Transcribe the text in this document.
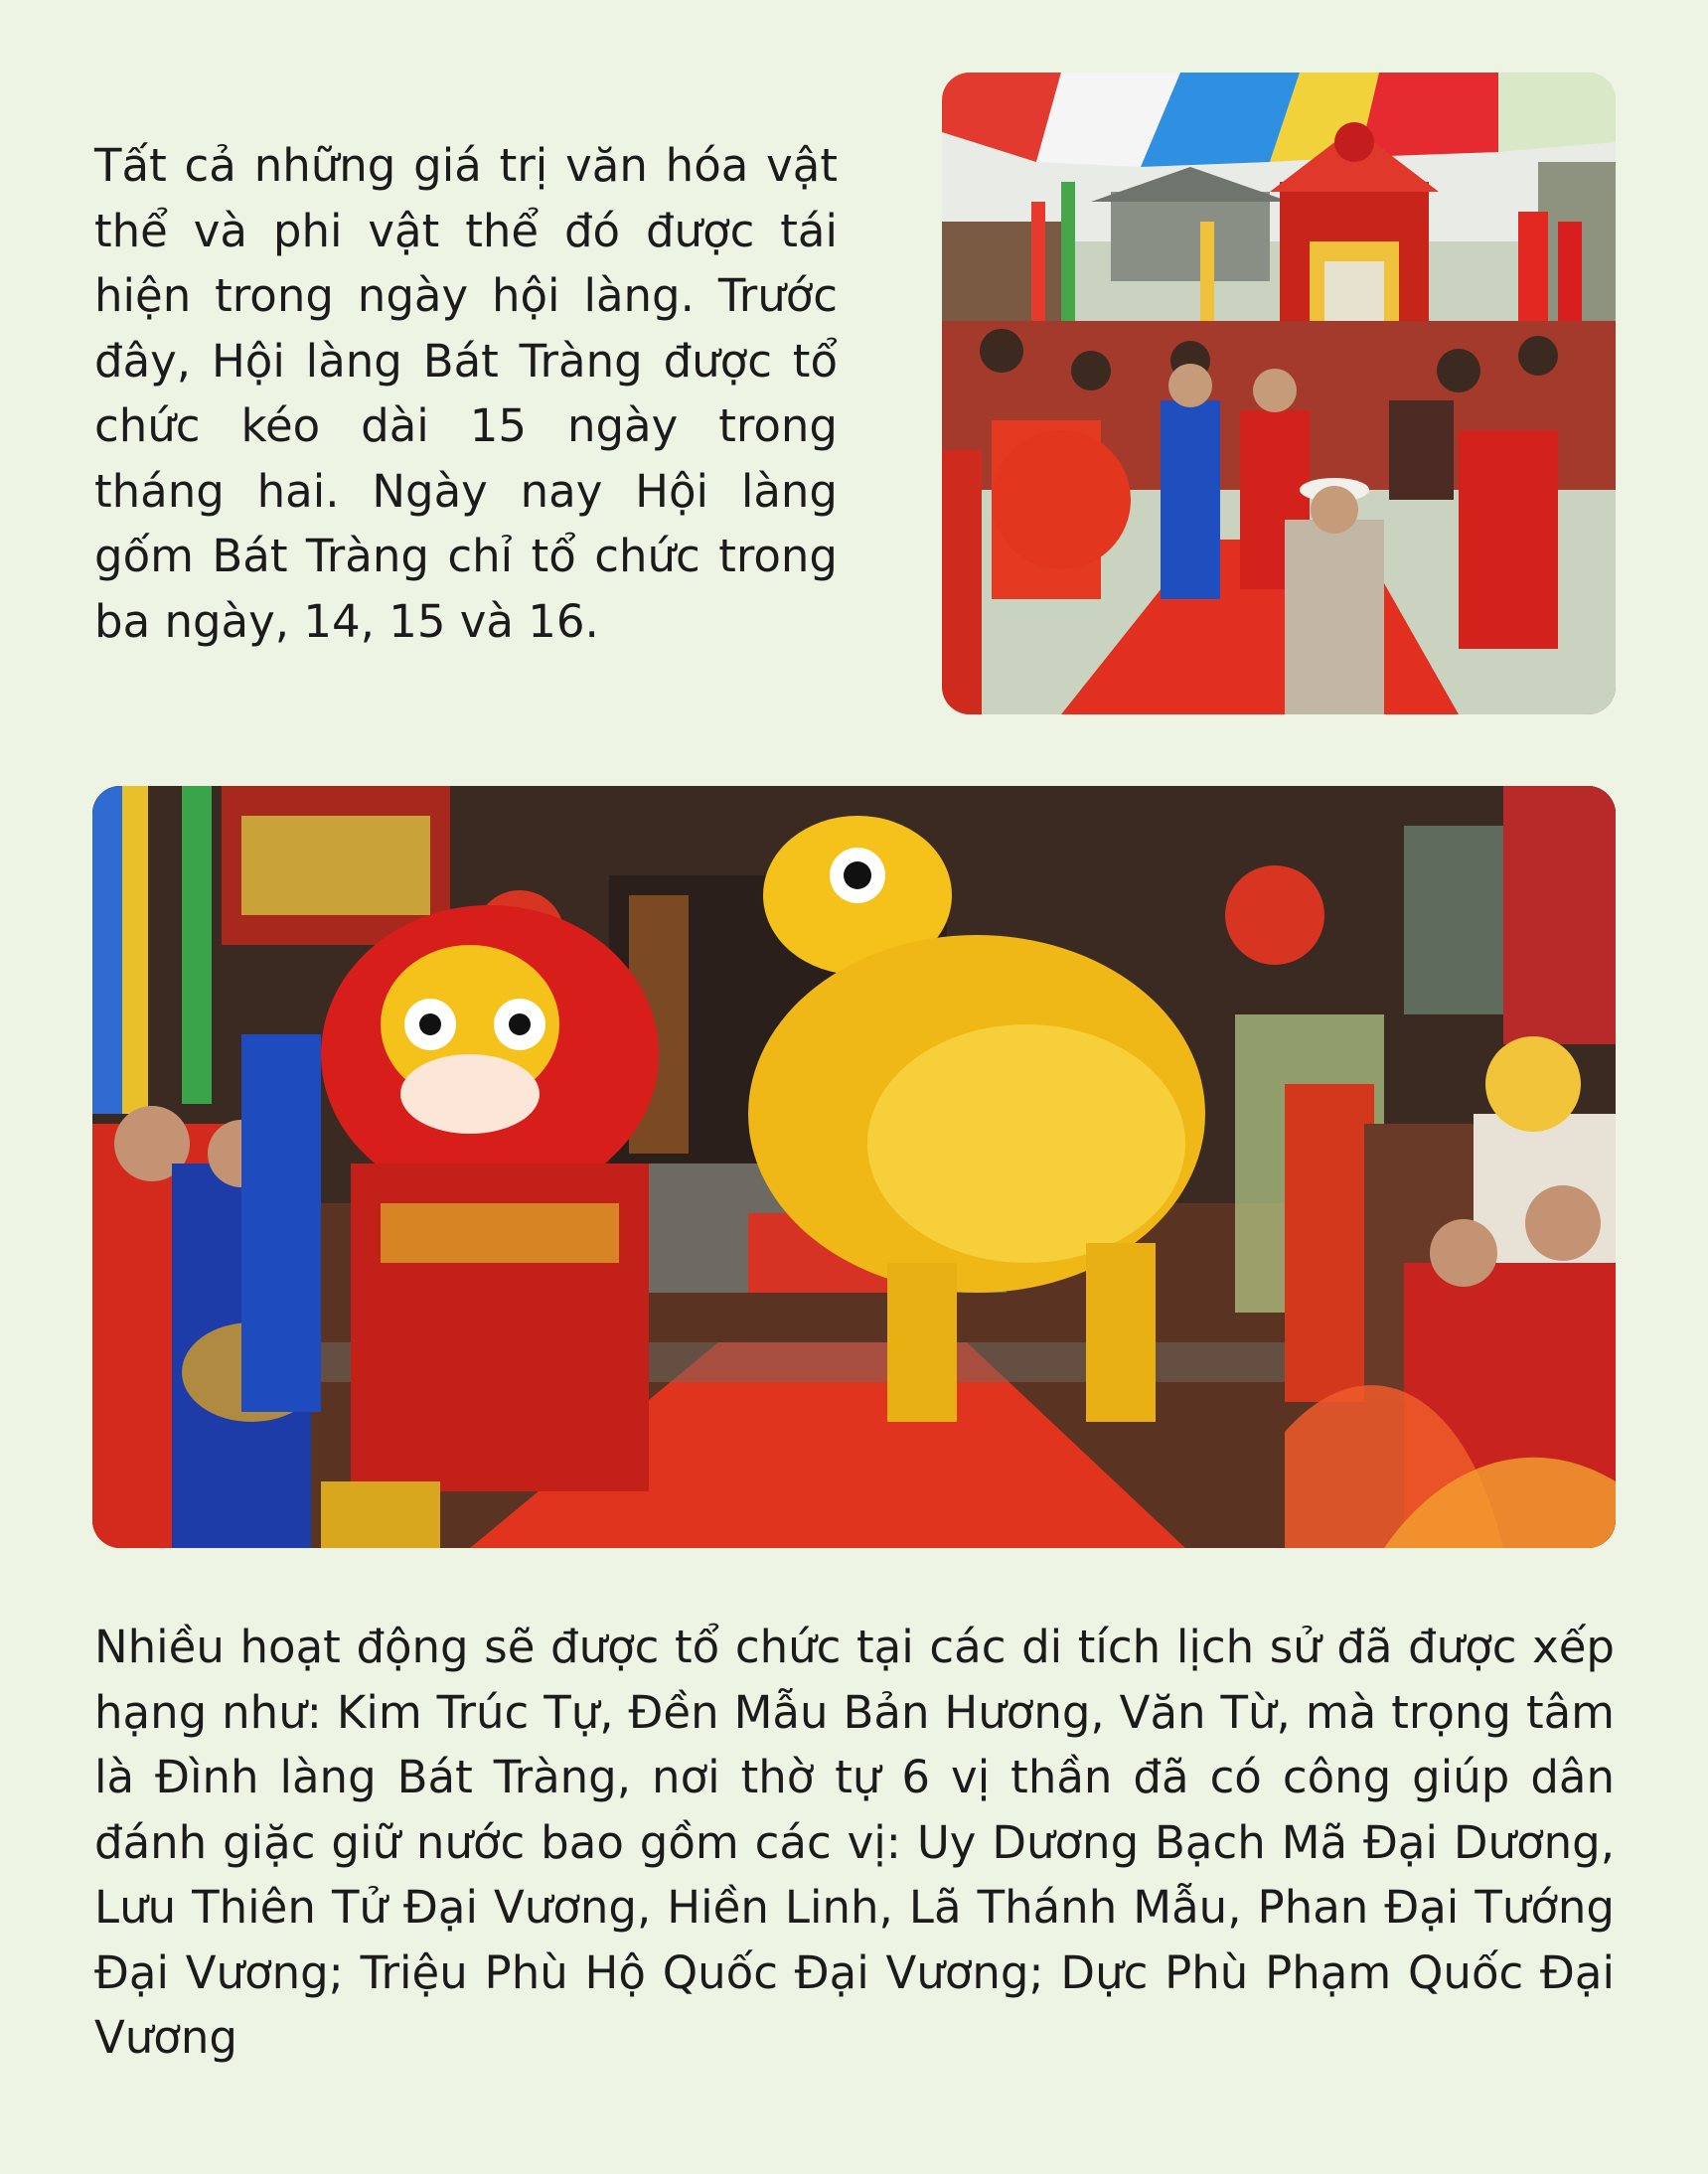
Tất cả những giá trị văn hóa vật thể và phi vật thể đó được tái hiện trong ngày hội làng. Trước đây, Hội làng Bát Tràng được tổ chức kéo dài 15 ngày trong tháng hai. Ngày nay Hội làng gốm Bát Tràng chỉ tổ chức trong ba ngày, 14, 15 và 16.

Nhiều hoạt động sẽ được tổ chức tại các di tích lịch sử đã được xếp hạng như: Kim Trúc Tự, Đền Mẫu Bản Hương, Văn Từ, mà trọng tâm là Đình làng Bát Tràng, nơi thờ tự 6 vị thần đã có công giúp dân đánh giặc giữ nước bao gồm các vị: Uy Dương Bạch Mã Đại Dương, Lưu Thiên Tử Đại Vương, Hiền Linh, Lã Thánh Mẫu, Phan Đại Tướng Đại Vương; Triệu Phù Hộ Quốc Đại Vương; Dực Phù Phạm Quốc Đại Vương
